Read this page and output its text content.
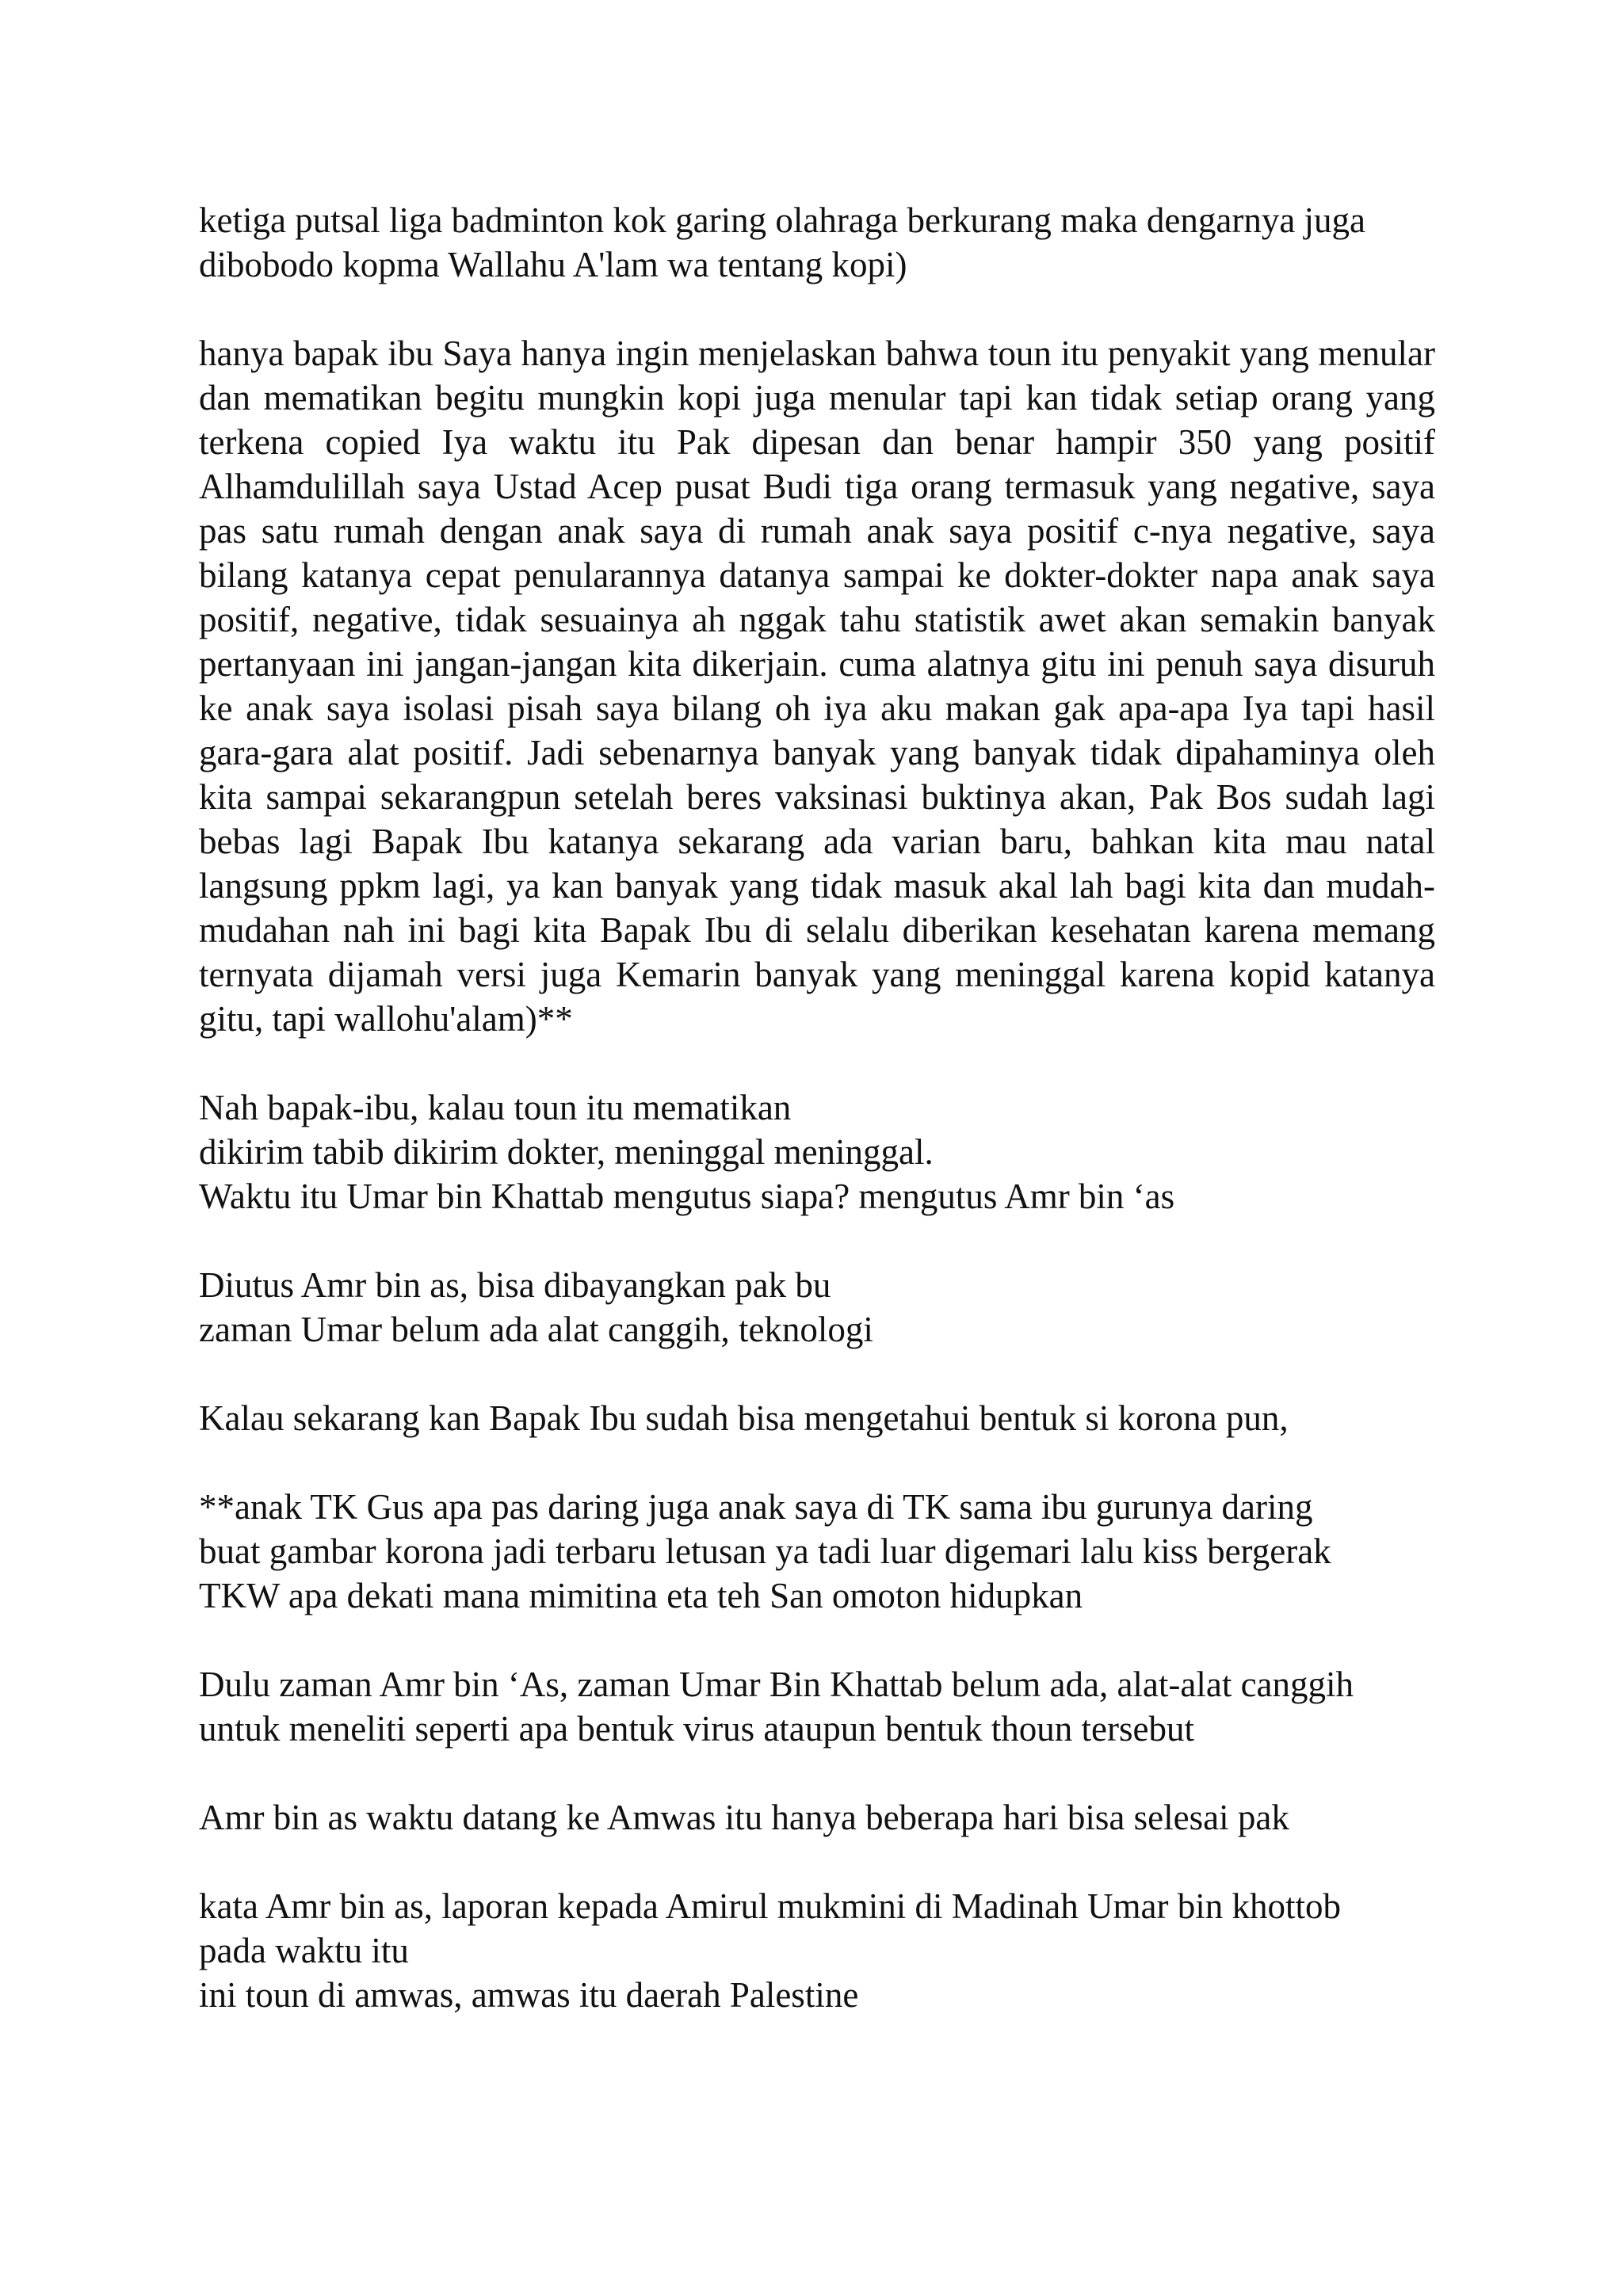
ketiga putsal liga badminton kok garing olahraga berkurang maka dengarnya juga
dibobodo kopma Wallahu A'lam wa tentang kopi)

hanya bapak ibu Saya hanya ingin menjelaskan bahwa toun itu penyakit yang menular dan mematikan begitu mungkin kopi juga menular tapi kan tidak setiap orang yang terkena copied Iya waktu itu Pak dipesan dan benar hampir 350 yang positif Alhamdulillah saya Ustad Acep pusat Budi tiga orang termasuk yang negative, saya pas satu rumah dengan anak saya di rumah anak saya positif c-nya negative, saya bilang katanya cepat penularannya datanya sampai ke dokter-dokter napa anak saya positif, negative, tidak sesuainya ah nggak tahu statistik awet akan semakin banyak pertanyaan ini jangan-jangan kita dikerjain. cuma alatnya gitu ini penuh saya disuruh ke anak saya isolasi pisah saya bilang oh iya aku makan gak apa-apa Iya tapi hasil gara-gara alat positif. Jadi sebenarnya banyak yang banyak tidak dipahaminya oleh kita sampai sekarangpun setelah beres vaksinasi buktinya akan, Pak Bos sudah lagi bebas lagi Bapak Ibu katanya sekarang ada varian baru, bahkan kita mau natal langsung ppkm lagi, ya kan banyak yang tidak masuk akal lah bagi kita dan mudah-mudahan nah ini bagi kita Bapak Ibu di selalu diberikan kesehatan karena memang ternyata dijamah versi juga Kemarin banyak yang meninggal karena kopid katanya gitu, tapi wallohu'alam)**

Nah bapak-ibu, kalau toun itu mematikan
dikirim tabib dikirim dokter, meninggal meninggal.
Waktu itu Umar bin Khattab mengutus siapa? mengutus Amr bin ‘as

Diutus Amr bin as, bisa dibayangkan pak bu
zaman Umar belum ada alat canggih, teknologi

Kalau sekarang kan Bapak Ibu sudah bisa mengetahui bentuk si korona pun,

**anak TK Gus apa pas daring juga anak saya di TK sama ibu gurunya daring
buat gambar korona jadi terbaru letusan ya tadi luar digemari lalu kiss bergerak
TKW apa dekati mana mimitina eta teh San omoton hidupkan

Dulu zaman Amr bin ‘As, zaman Umar Bin Khattab belum ada, alat-alat canggih
untuk meneliti seperti apa bentuk virus ataupun bentuk thoun tersebut

Amr bin as waktu datang ke Amwas itu hanya beberapa hari bisa selesai pak

kata Amr bin as, laporan kepada Amirul mukmini di Madinah Umar bin khottob
pada waktu itu
ini toun di amwas, amwas itu daerah Palestine
